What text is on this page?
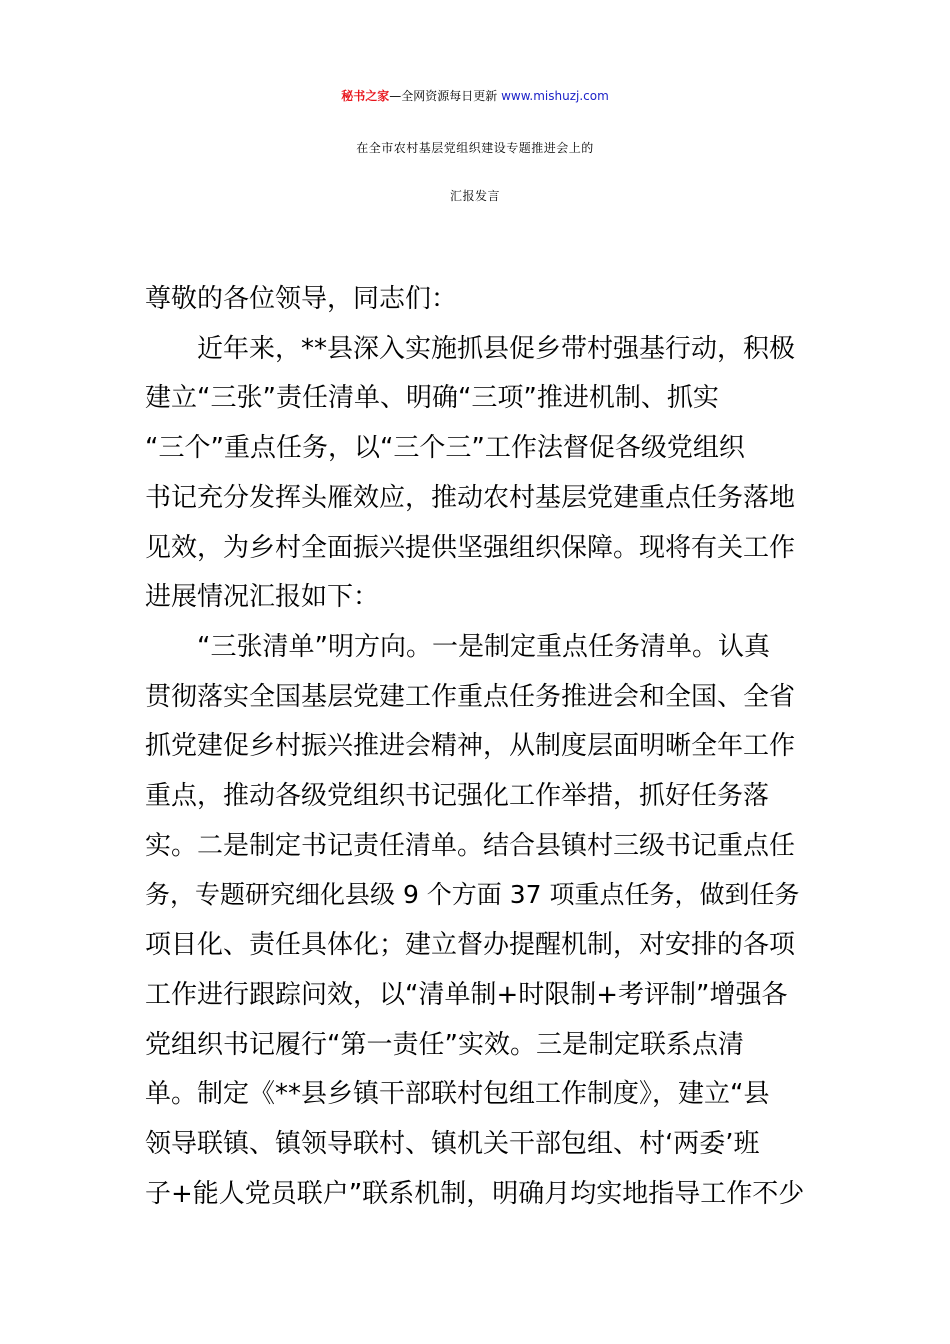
秘书之家—全网资源每日更新 www.mishuzj.com
在全市农村基层党组织建设专题推进会上的
汇报发言
尊敬的各位领导，同志们：
　　近年来，**县深入实施抓县促乡带村强基行动，积极
建立“三张”责任清单、明确“三项”推进机制、抓实
“三个”重点任务，以“三个三”工作法督促各级党组织
书记充分发挥头雁效应，推动农村基层党建重点任务落地
见效，为乡村全面振兴提供坚强组织保障。现将有关工作
进展情况汇报如下：
　　“三张清单”明方向。一是制定重点任务清单。认真
贯彻落实全国基层党建工作重点任务推进会和全国、全省
抓党建促乡村振兴推进会精神，从制度层面明晰全年工作
重点，推动各级党组织书记强化工作举措，抓好任务落
实。二是制定书记责任清单。结合县镇村三级书记重点任
务，专题研究细化县级 9 个方面 37 项重点任务，做到任务
项目化、责任具体化；建立督办提醒机制，对安排的各项
工作进行跟踪问效，以“清单制+时限制+考评制”增强各
党组织书记履行“第一责任”实效。三是制定联系点清
单。制定《**县乡镇干部联村包组工作制度》，建立“县
领导联镇、镇领导联村、镇机关干部包组、村‘两委’班
子+能人党员联户”联系机制，明确月均实地指导工作不少
